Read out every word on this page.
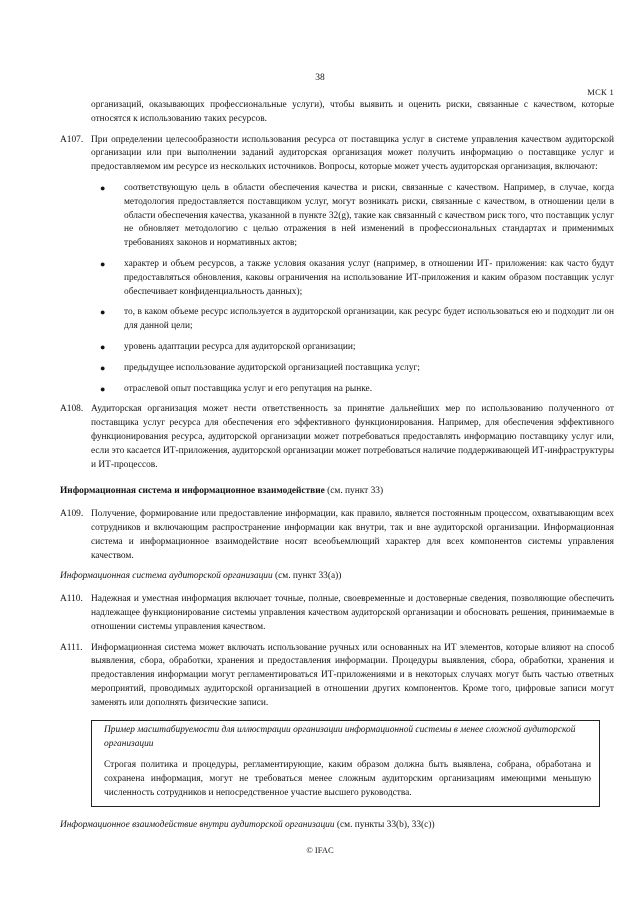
38
МСК 1

организаций, оказывающих профессиональные услуги), чтобы выявить и оценить риски, связанные с качеством, которые относятся к использованию таких ресурсов.

A107. При определении целесообразности использования ресурса от поставщика услуг в системе управления качеством аудиторской организации или при выполнении заданий аудиторская организация может получить информацию о поставщике услуг и предоставляемом им ресурсе из нескольких источников. Вопросы, которые может учесть аудиторская организация, включают:

● соответствующую цель в области обеспечения качества и риски, связанные с качеством. Например, в случае, когда методология предоставляется поставщиком услуг, могут возникать риски, связанные с качеством, в отношении цели в области обеспечения качества, указанной в пункте 32(g), такие как связанный с качеством риск того, что поставщик услуг не обновляет методологию с целью отражения в ней изменений в профессиональных стандартах и применимых требованиях законов и нормативных актов;
● характер и объем ресурсов, а также условия оказания услуг (например, в отношении ИТ- приложения: как часто будут предоставляться обновления, каковы ограничения на использование ИТ-приложения и каким образом поставщик услуг обеспечивает конфиденциальность данных);
● то, в каком объеме ресурс используется в аудиторской организации, как ресурс будет использоваться ею и подходит ли он для данной цели;
● уровень адаптации ресурса для аудиторской организации;
● предыдущее использование аудиторской организацией поставщика услуг;
● отраслевой опыт поставщика услуг и его репутация на рынке.
A108. Аудиторская организация может нести ответственность за принятие дальнейших мер по использованию полученного от поставщика услуг ресурса для обеспечения его эффективного функционирования. Например, для обеспечения эффективного функционирования ресурса, аудиторской организации может потребоваться предоставлять информацию поставщику услуг или, если это касается ИТ-приложения, аудиторской организации может потребоваться наличие поддерживающей ИТ-инфраструктуры и ИТ-процессов.

Информационная система и информационное взаимодействие (см. пункт 33)
A109. Получение, формирование или предоставление информации, как правило, является постоянным процессом, охватывающим всех сотрудников и включающим распространение информации как внутри, так и вне аудиторской организации. Информационная система и информационное взаимодействие носят всеобъемлющий характер для всех компонентов системы управления качеством.

Информационная система аудиторской организации (см. пункт 33(а))
A110. Надежная и уместная информация включает точные, полные, своевременные и достоверные сведения, позволяющие обеспечить надлежащее функционирование системы управления качеством аудиторской организации и обосновать решения, принимаемые в отношении системы управления качеством.

A111. Информационная система может включать использование ручных или основанных на ИТ элементов, которые влияют на способ выявления, сбора, обработки, хранения и предоставления информации. Процедуры выявления, сбора, обработки, хранения и предоставления информации могут регламентироваться ИТ-приложениями и в некоторых случаях могут быть частью ответных мероприятий, проводимых аудиторской организацией в отношении других компонентов. Кроме того, цифровые записи могут заменять или дополнять физические записи.

Пример масштабируемости для иллюстрации организации информационной системы в менее сложной аудиторской организации
Строгая политика и процедуры, регламентирующие, каким образом должна быть выявлена, собрана, обработана и сохранена информация, могут не требоваться менее сложным аудиторским организациям имеющими меньшую численность сотрудников и непосредственное участие высшего руководства.
Информационное взаимодействие внутри аудиторской организации (см. пункты 33(b), 33(c))
© IFAC
